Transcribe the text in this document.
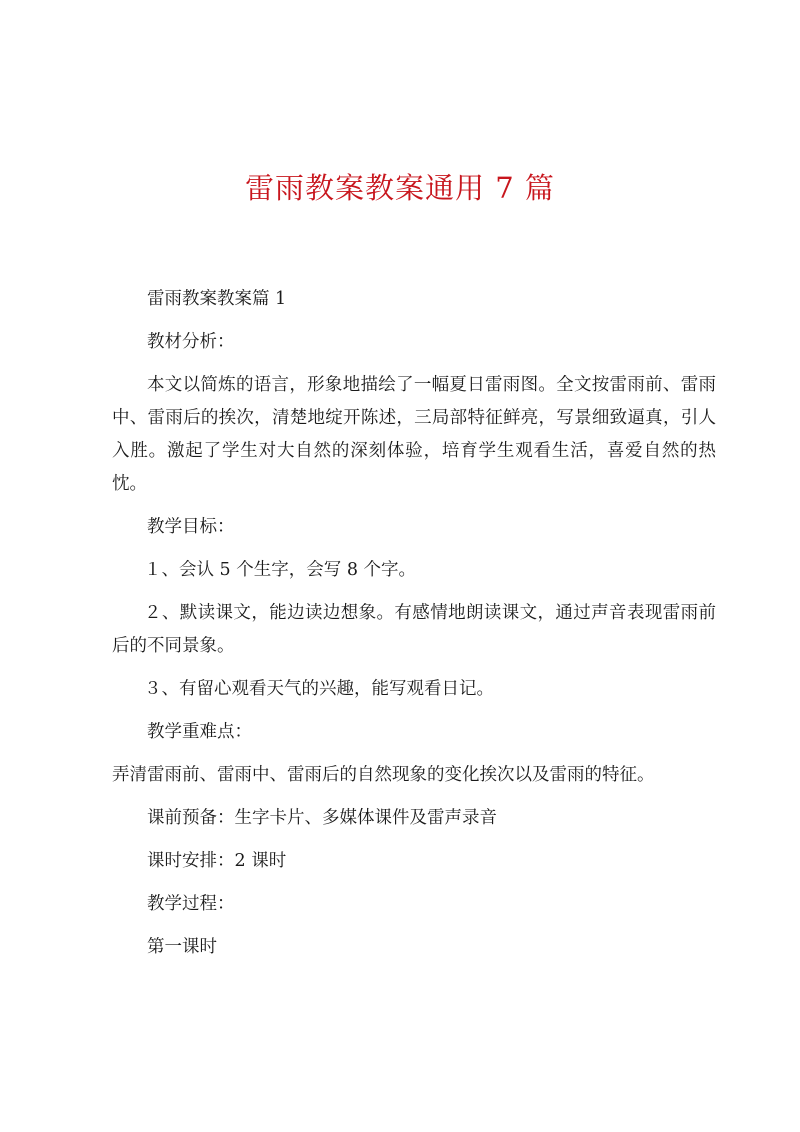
雷雨教案教案通用 7 篇

雷雨教案教案篇 1

教材分析：

本文以简炼的语言，形象地描绘了一幅夏日雷雨图。全文按雷雨前、雷雨中、雷雨后的挨次，清楚地绽开陈述，三局部特征鲜亮，写景细致逼真，引人入胜。激起了学生对大自然的深刻体验，培育学生观看生活，喜爱自然的热忱。

教学目标：

１、会认 5 个生字，会写 8 个字。

２、默读课文，能边读边想象。有感情地朗读课文，通过声音表现雷雨前后的不同景象。

３、有留心观看天气的兴趣，能写观看日记。

教学重难点：

弄清雷雨前、雷雨中、雷雨后的自然现象的变化挨次以及雷雨的特征。

课前预备：生字卡片、多媒体课件及雷声录音

课时安排：2 课时

教学过程：

第一课时
